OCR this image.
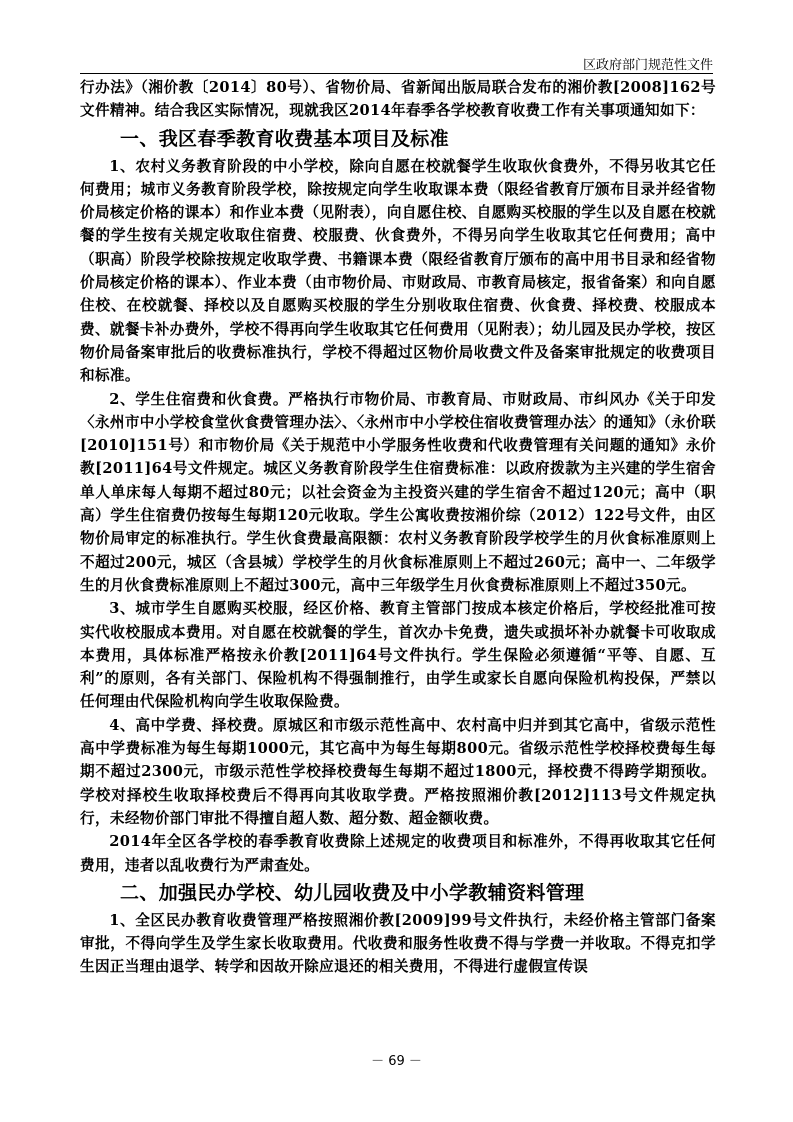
区政府部门规范性文件

行办法》（湘价教〔2014〕80号）、省物价局、省新闻出版局联合发布的湘价教[2008]162号文件精神。结合我区实际情况，现就我区2014年春季各学校教育收费工作有关事项通知如下：

一、我区春季教育收费基本项目及标准

1、农村义务教育阶段的中小学校，除向自愿在校就餐学生收取伙食费外，不得另收其它任何费用；城市义务教育阶段学校，除按规定向学生收取课本费（限经省教育厅颁布目录并经省物价局核定价格的课本）和作业本费（见附表），向自愿住校、自愿购买校服的学生以及自愿在校就餐的学生按有关规定收取住宿费、校服费、伙食费外，不得另向学生收取其它任何费用；高中（职高）阶段学校除按规定收取学费、书籍课本费（限经省教育厅颁布的高中用书目录和经省物价局核定价格的课本）、作业本费（由市物价局、市财政局、市教育局核定，报省备案）和向自愿住校、在校就餐、择校以及自愿购买校服的学生分别收取住宿费、伙食费、择校费、校服成本费、就餐卡补办费外，学校不得再向学生收取其它任何费用（见附表）；幼儿园及民办学校，按区物价局备案审批后的收费标准执行，学校不得超过区物价局收费文件及备案审批规定的收费项目和标准。

2、学生住宿费和伙食费。严格执行市物价局、市教育局、市财政局、市纠风办《关于印发〈永州市中小学校食堂伙食费管理办法〉、〈永州市中小学校住宿收费管理办法〉的通知》（永价联[2010]151号）和市物价局《关于规范中小学服务性收费和代收费管理有关问题的通知》永价教[2011]64号文件规定。城区义务教育阶段学生住宿费标准：以政府拨款为主兴建的学生宿舍单人单床每人每期不超过80元；以社会资金为主投资兴建的学生宿舍不超过120元；高中（职高）学生住宿费仍按每生每期120元收取。学生公寓收费按湘价综（2012）122号文件，由区物价局审定的标准执行。学生伙食费最高限额：农村义务教育阶段学校学生的月伙食标准原则上不超过200元，城区（含县城）学校学生的月伙食标准原则上不超过260元；高中一、二年级学生的月伙食费标准原则上不超过300元，高中三年级学生月伙食费标准原则上不超过350元。

3、城市学生自愿购买校服，经区价格、教育主管部门按成本核定价格后，学校经批准可按实代收校服成本费用。对自愿在校就餐的学生，首次办卡免费，遗失或损坏补办就餐卡可收取成本费用，具体标准严格按永价教[2011]64号文件执行。学生保险必须遵循“平等、自愿、互利”的原则，各有关部门、保险机构不得强制推行，由学生或家长自愿向保险机构投保，严禁以任何理由代保险机构向学生收取保险费。

4、高中学费、择校费。原城区和市级示范性高中、农村高中归并到其它高中，省级示范性高中学费标准为每生每期1000元，其它高中为每生每期800元。省级示范性学校择校费每生每期不超过2300元，市级示范性学校择校费每生每期不超过1800元，择校费不得跨学期预收。学校对择校生收取择校费后不得再向其收取学费。严格按照湘价教[2012]113号文件规定执行，未经物价部门审批不得擅自超人数、超分数、超金额收费。

2014年全区各学校的春季教育收费除上述规定的收费项目和标准外，不得再收取其它任何费用，违者以乱收费行为严肃查处。

二、加强民办学校、幼儿园收费及中小学教辅资料管理

1、全区民办教育收费管理严格按照湘价教[2009]99号文件执行，未经价格主管部门备案审批，不得向学生及学生家长收取费用。代收费和服务性收费不得与学费一并收取。不得克扣学生因正当理由退学、转学和因故开除应退还的相关费用，不得进行虚假宣传误

－ 69 －
